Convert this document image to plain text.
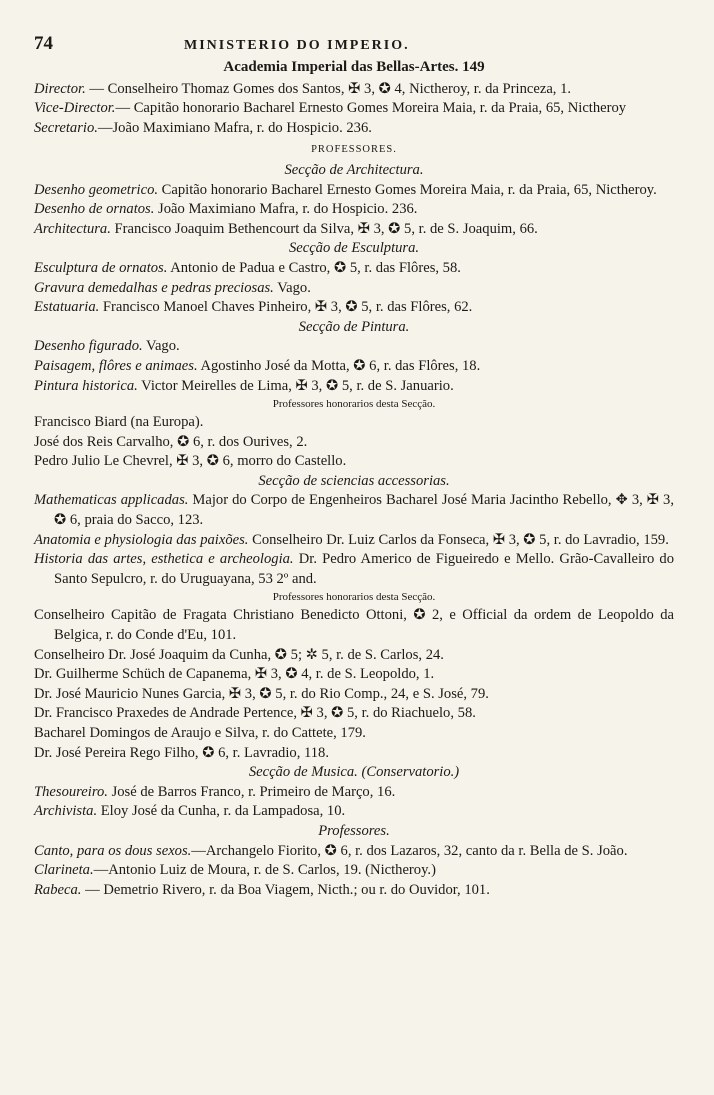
74	MINISTERIO DO IMPERIO.
Academia Imperial das Bellas-Artes. 149

Director. — Conselheiro Thomaz Gomes dos Santos, ✠ 3, ✪ 4, Nictheroy, r. da Princeza, 1.

Vice-Director.— Capitão honorario Bacharel Ernesto Gomes Moreira Maia, r. da Praia, 65, Nictheroy

Secretario.—João Maximiano Mafra, r. do Hospicio. 236.

PROFESSORES.
Secção de Architectura.

Desenho geometrico. Capitão honorario Bacharel Ernesto Gomes Moreira Maia, r. da Praia, 65, Nictheroy.

Desenho de ornatos. João Maximiano Mafra, r. do Hospicio. 236.

Architectura. Francisco Joaquim Bethencourt da Silva, ✠ 3, ✪ 5, r. de S. Joaquim, 66.

Secção de Esculptura.

Esculptura de ornatos. Antonio de Padua e Castro, ✪ 5, r. das Flôres, 58.

Gravura demedalhas e pedras preciosas. Vago.

Estatuaria. Francisco Manoel Chaves Pinheiro, ✠ 3, ✪ 5, r. das Flôres, 62.

Secção de Pintura.

Desenho figurado. Vago.

Paisagem, flôres e animaes. Agostinho José da Motta, ✪ 6, r. das Flôres, 18.

Pintura historica. Victor Meirelles de Lima, ✠ 3, ✪ 5, r. de S. Januario.

Professores honorarios desta Secção.

Francisco Biard (na Europa).

José dos Reis Carvalho, ✪ 6, r. dos Ourives, 2.

Pedro Julio Le Chevrel, ✠ 3, ✪ 6, morro do Castello.

Secção de sciencias accessorias.

Mathematicas applicadas. Major do Corpo de Engenheiros Bacharel José Maria Jacintho Rebello, ✥ 3, ✠ 3, ✪ 6, praia do Sacco, 123.

Anatomia e physiologia das paixões. Conselheiro Dr. Luiz Carlos da Fonseca, ✠ 3, ✪ 5, r. do Lavradio, 159.

Historia das artes, esthetica e archeologia. Dr. Pedro Americo de Figueiredo e Mello. Grão-Cavalleiro do Santo Sepulcro, r. do Uruguayana, 53 2º and.

Professores honorarios desta Secção.

Conselheiro Capitão de Fragata Christiano Benedicto Ottoni, ✪ 2, e Official da ordem de Leopoldo da Belgica, r. do Conde d'Eu, 101.

Conselheiro Dr. José Joaquim da Cunha, ✪ 5; ✲ 5, r. de S. Carlos, 24.

Dr. Guilherme Schüch de Capanema, ✠ 3, ✪ 4, r. de S. Leopoldo, 1.

Dr. José Mauricio Nunes Garcia, ✠ 3, ✪ 5, r. do Rio Comp., 24, e S. José, 79.

Dr. Francisco Praxedes de Andrade Pertence, ✠ 3, ✪ 5, r. do Riachuelo, 58.

Bacharel Domingos de Araujo e Silva, r. do Cattete, 179.

Dr. José Pereira Rego Filho, ✪ 6, r. Lavradio, 118.

Secção de Musica. (Conservatorio.)

Thesoureiro. José de Barros Franco, r. Primeiro de Março, 16.

Archivista. Eloy José da Cunha, r. da Lampadosa, 10.

Professores.

Canto, para os dous sexos.—Archangelo Fiorito, ✪ 6, r. dos Lazaros, 32, canto da r. Bella de S. João.

Clarineta.—Antonio Luiz de Moura, r. de S. Carlos, 19. (Nictheroy.)

Rabeca. — Demetrio Rivero, r. da Boa Viagem, Nicth.; ou r. do Ouvidor, 101.
